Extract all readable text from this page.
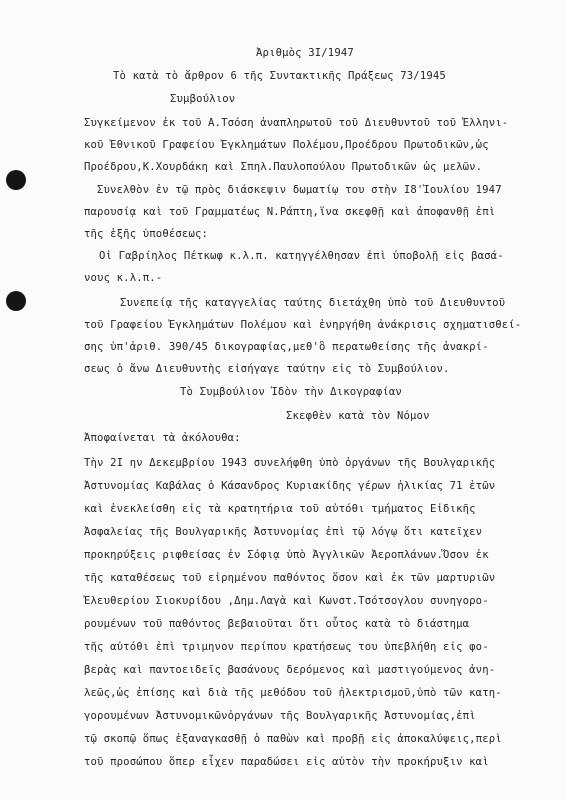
Ἀριθμὸς 3I/1947
Τὸ κατὰ τὸ ἄρθρον 6 τῆς Συντακτικῆς Πράξεως 73/1945
Συμβούλιον
Συγκείμενον ἐκ τοῦ Α.Τσόση ἀναπληρωτοῦ τοῦ Διευθυντοῦ τοῦ Ἑλληνι-
κοῦ Ἐθνικοῦ Γραφείου Ἐγκλημάτων Πολέμου,Προέδρου Πρωτοδικῶν,ὡς
Προέδρου,Κ.Χουρδάκη καὶ Σπηλ.Παυλοπούλου Πρωτοδικῶν ὡς μελῶν.
Συνελθὸν ἐν τῷ πρὸς διάσκεψιν δωματίῳ του στὴν Ι8'Ἰουλίου 1947
παρουσίᾳ καὶ τοῦ Γραμματέως Ν.Ράπτη,ἵνα σκεφθῇ καὶ ἀποφανθῇ ἐπὶ
τῆς ἑξῆς ὑποθέσεως:
Οἱ Γαβρίηλος Πέτκωφ κ.λ.π. κατηγγέλθησαν ἐπὶ ὑποβολῇ εἰς βασά-
νους κ.λ.π.-
Συνεπείᾳ τῆς καταγγελίας ταύτης διετάχθη ὑπὸ τοῦ Διευθυντοῦ
τοῦ Γραφείου Ἐγκλημάτων Πολέμου καὶ ἐνηργήθη ἀνάκρισις σχηματισθεί-
σης ὑπ'ἀριθ. 390/45 δικογραφίας,μεθ'ὃ περατωθείσης τῆς ἀνακρί-
σεως ὁ ἄνω Διευθυντὴς εἰσήγαγε ταύτην εἰς τὸ Συμβούλιον.
Τὸ Συμβούλιον Ἰδὸν τὴν Δικογραφίαν
Σκεφθὲν κατὰ τὸν Νόμον
Ἀποφαίνεται τὰ ἀκόλουθα:
Τὴν 2Ι ην Δεκεμβρίου 1943 συνελήφθη ὑπὸ ὀργάνων τῆς Βουλγαρικῆς
Ἀστυνομίας Καβάλας ὁ Κάσανδρος Κυριακίδης γέρων ἡλικίας 71 ἐτῶν
καὶ ἐνεκλείσθη εἰς τὰ κρατητήρια τοῦ αὐτόθι τμήματος Εἰδικῆς
Ἀσφαλείας τῆς Βουλγαρικῆς Ἀστυνομίας ἐπὶ τῷ λόγῳ ὅτι κατεῖχεν
προκηρύξεις ριφθείσας ἐν Σόφιᾳ ὑπὸ Ἀγγλικῶν Ἀεροπλάνων.Ὅσον ἐκ
τῆς καταθέσεως τοῦ εἰρημένου παθόντος ὅσον καὶ ἐκ τῶν μαρτυριῶν
Ἐλευθερίου Σιοκυρίδου ,Δημ.Λαγὰ καὶ Κωνστ.Τσότσογλου συνηγορο-
ρουμένων τοῦ παθόντος βεβαιοῦται ὅτι οὗτος κατὰ τὸ διάστημα
τῆς αὐτόθι ἐπὶ τριμηνον περίπου κρατήσεως του ὑπεβλήθη εἰς φο-
βερὰς καὶ παντοειδεῖς βασάνους δερόμενος καὶ μαστιγούμενος ἀνη-
λεῶς,ὡς ἐπίσης καὶ διὰ τῆς μεθόδου τοῦ ἠλεκτρισμοῦ,ὑπὸ τῶν κατη-
γορουμένων Ἀστυνομικῶνὀργάνων τῆς Βουλγαρικῆς Ἀστυνομίας,ἐπὶ
τῷ σκοπῷ ὅπως ἐξαναγκασθῇ ὁ παθὼν καὶ προβῇ εἰς ἀποκαλύψεις,περὶ
τοῦ προσώπου ὅπερ εἶχεν παραδώσει εἰς αὐτὸν τὴν προκήρυξιν καὶ
